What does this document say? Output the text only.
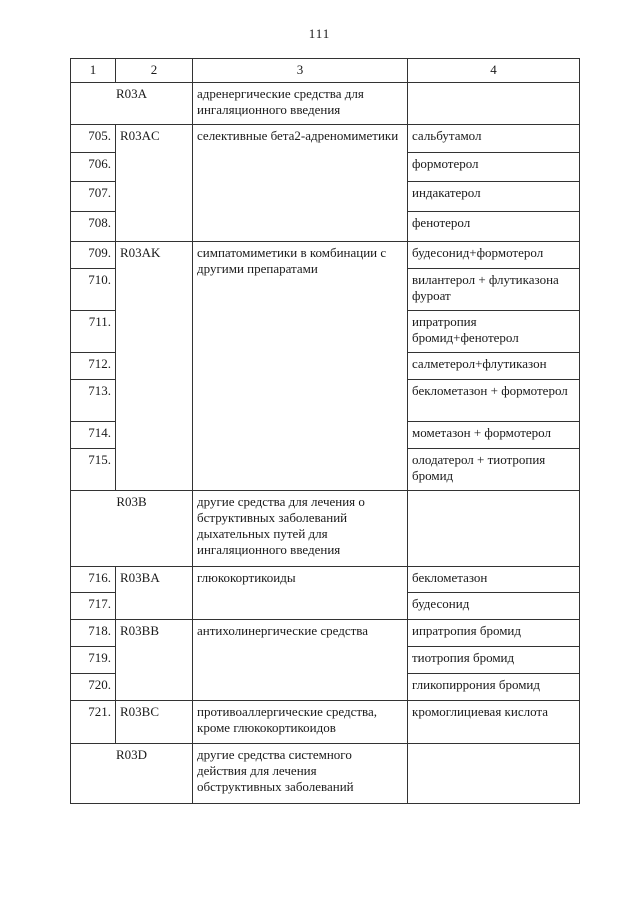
111
1	2	3	4
R03A		адренергические средства для ингаляционного введения	
705.	R03AC	селективные бета2-адреномиметики	сальбутамол
706.			формотерол
707.			индакатерол
708.			фенотерол
709.	R03AK	симпатомиметики в комбинации с другими препаратами	будесонид+формотерол
710.			вилантерол + флутиказона фуроат
711.			ипратропия бромид+фенотерол
712.			салметерол+флутиказон
713.			беклометазон + формотерол
714.			мометазон + формотерол
715.			олодатерол + тиотропия бромид
R03B		другие средства для лечения о бструктивных заболеваний дыхательных путей для ингаляционного введения	
716.	R03BA	глюкокортикоиды	беклометазон
717.			будесонид
718.	R03BB	антихолинергические средства	ипратропия бромид
719.			тиотропия бромид
720.			гликопиррония бромид
721.	R03BC	противоаллергические средства, кроме глюкокортикоидов	кромоглициевая кислота
R03D		другие средства системного действия для лечения обструктивных заболеваний	
